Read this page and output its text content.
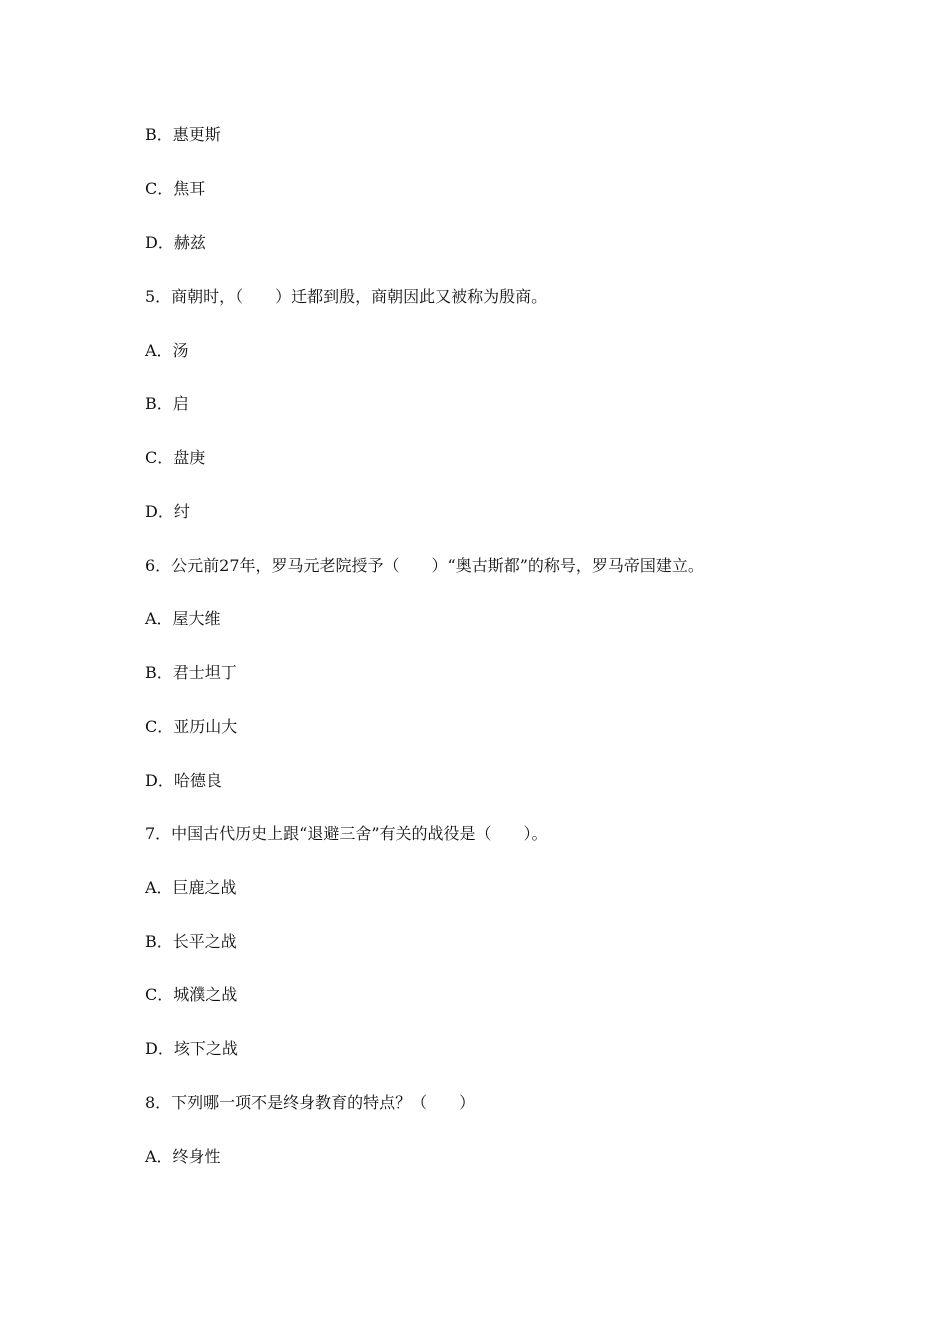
B．惠更斯
C．焦耳
D．赫兹
5．商朝时，（　　）迁都到殷，商朝因此又被称为殷商。
A．汤
B．启
C．盘庚
D．纣
6．公元前27年，罗马元老院授予（　　）“奥古斯都”的称号，罗马帝国建立。
A．屋大维
B．君士坦丁
C．亚历山大
D．哈德良
7．中国古代历史上跟“退避三舍”有关的战役是（　　）。
A．巨鹿之战
B．长平之战
C．城濮之战
D．垓下之战
8．下列哪一项不是终身教育的特点？（　　）
A．终身性
